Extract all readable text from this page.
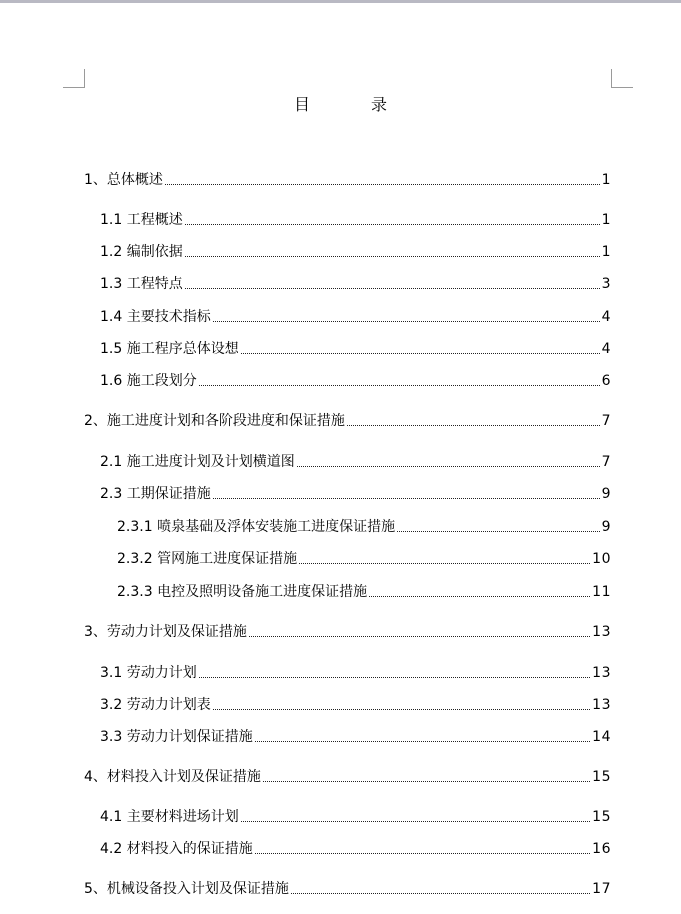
目 录
1、总体概述	1
1.1 工程概述	1
1.2 编制依据	1
1.3 工程特点	3
1.4 主要技术指标	4
1.5 施工程序总体设想	4
1.6 施工段划分	6
2、施工进度计划和各阶段进度和保证措施	7
2.1 施工进度计划及计划横道图	7
2.3 工期保证措施	9
2.3.1 喷泉基础及浮体安装施工进度保证措施	9
2.3.2 管网施工进度保证措施	10
2.3.3 电控及照明设备施工进度保证措施	11
3、劳动力计划及保证措施	13
3.1 劳动力计划	13
3.2 劳动力计划表	13
3.3 劳动力计划保证措施	14
4、材料投入计划及保证措施	15
4.1 主要材料进场计划	15
4.2 材料投入的保证措施	16
5、机械设备投入计划及保证措施	17
